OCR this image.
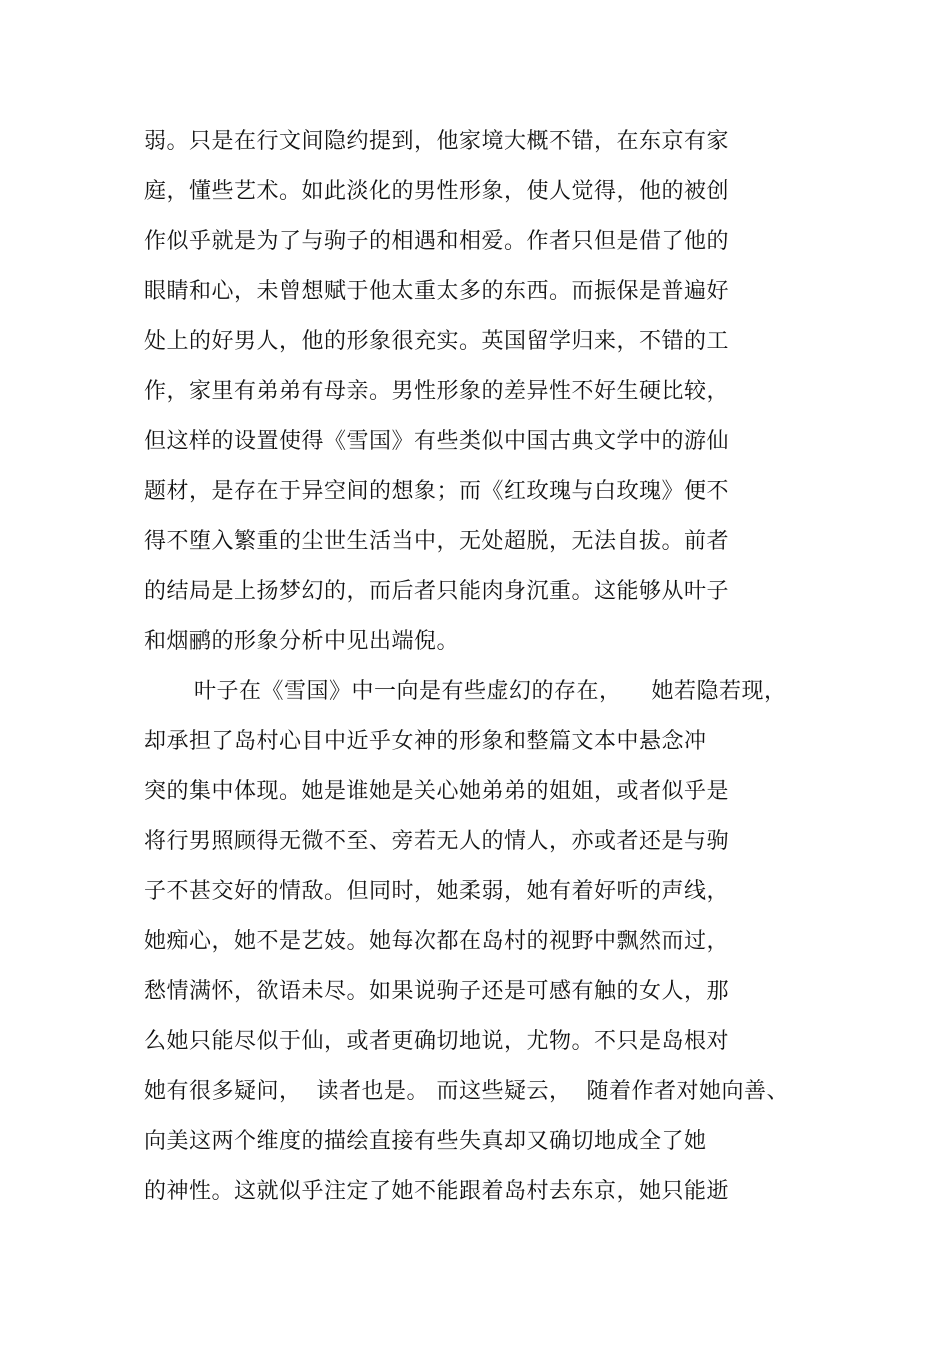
弱。只是在行文间隐约提到，他家境大概不错，在东京有家
庭，懂些艺术。如此淡化的男性形象，使人觉得，他的被创
作似乎就是为了与驹子的相遇和相爱。作者只但是借了他的
眼睛和心，未曾想赋于他太重太多的东西。而振保是普遍好
处上的好男人，他的形象很充实。英国留学归来，不错的工
作，家里有弟弟有母亲。男性形象的差异性不好生硬比较，
但这样的设置使得《雪国》有些类似中国古典文学中的游仙
题材，是存在于异空间的想象；而《红玫瑰与白玫瑰》便不
得不堕入繁重的尘世生活当中，无处超脱，无法自拔。前者
的结局是上扬梦幻的，而后者只能肉身沉重。这能够从叶子
和烟鹂的形象分析中见出端倪。
叶子在《雪国》中一向是有些虚幻的存在，    她若隐若现，
却承担了岛村心目中近乎女神的形象和整篇文本中悬念冲
突的集中体现。她是谁她是关心她弟弟的姐姐，或者似乎是
将行男照顾得无微不至、旁若无人的情人，亦或者还是与驹
子不甚交好的情敌。但同时，她柔弱，她有着好听的声线，
她痴心，她不是艺妓。她每次都在岛村的视野中飘然而过，
愁情满怀，欲语未尽。如果说驹子还是可感有触的女人，那
么她只能尽似于仙，或者更确切地说，尤物。不只是岛根对
她有很多疑问，  读者也是。 而这些疑云，  随着作者对她向善、
向美这两个维度的描绘直接有些失真却又确切地成全了她
的神性。这就似乎注定了她不能跟着岛村去东京，她只能逝
